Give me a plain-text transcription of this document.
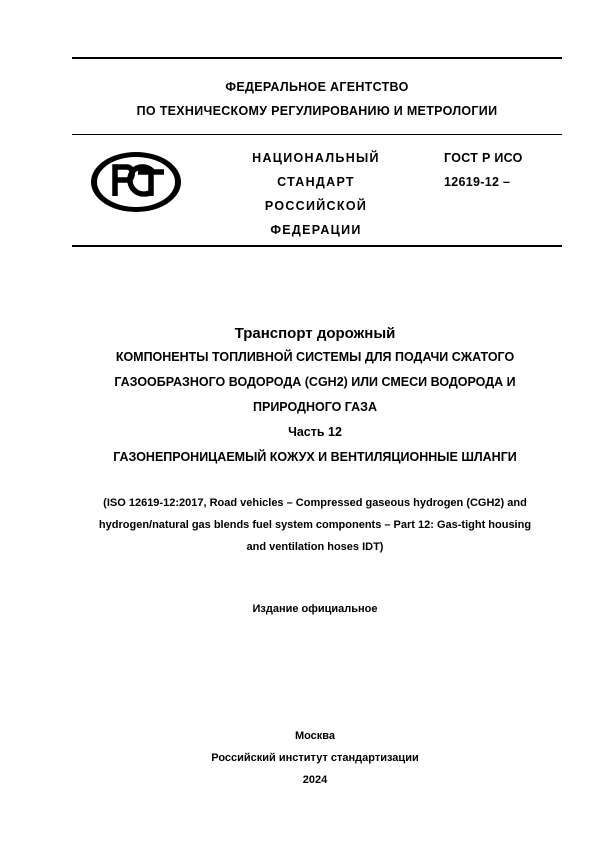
ФЕДЕРАЛЬНОЕ АГЕНТСТВО
ПО ТЕХНИЧЕСКОМУ РЕГУЛИРОВАНИЮ И МЕТРОЛОГИИ
НАЦИОНАЛЬНЫЙ
СТАНДАРТ
РОССИЙСКОЙ
ФЕДЕРАЦИИ
ГОСТ Р ИСО
12619-12 –
Транспорт дорожный
КОМПОНЕНТЫ ТОПЛИВНОЙ СИСТЕМЫ ДЛЯ ПОДАЧИ СЖАТОГО
ГАЗООБРАЗНОГО ВОДОРОДА (CGH2) ИЛИ СМЕСИ ВОДОРОДА И
ПРИРОДНОГО ГАЗА
Часть 12
ГАЗОНЕПРОНИЦАЕМЫЙ КОЖУХ И ВЕНТИЛЯЦИОННЫЕ ШЛАНГИ
(ISO 12619-12:2017, Road vehicles – Compressed gaseous hydrogen (CGH2) and
hydrogen/natural gas blends fuel system components – Part 12: Gas-tight housing
and ventilation hoses IDT)
Издание официальное
Москва
Российский институт стандартизации
2024
